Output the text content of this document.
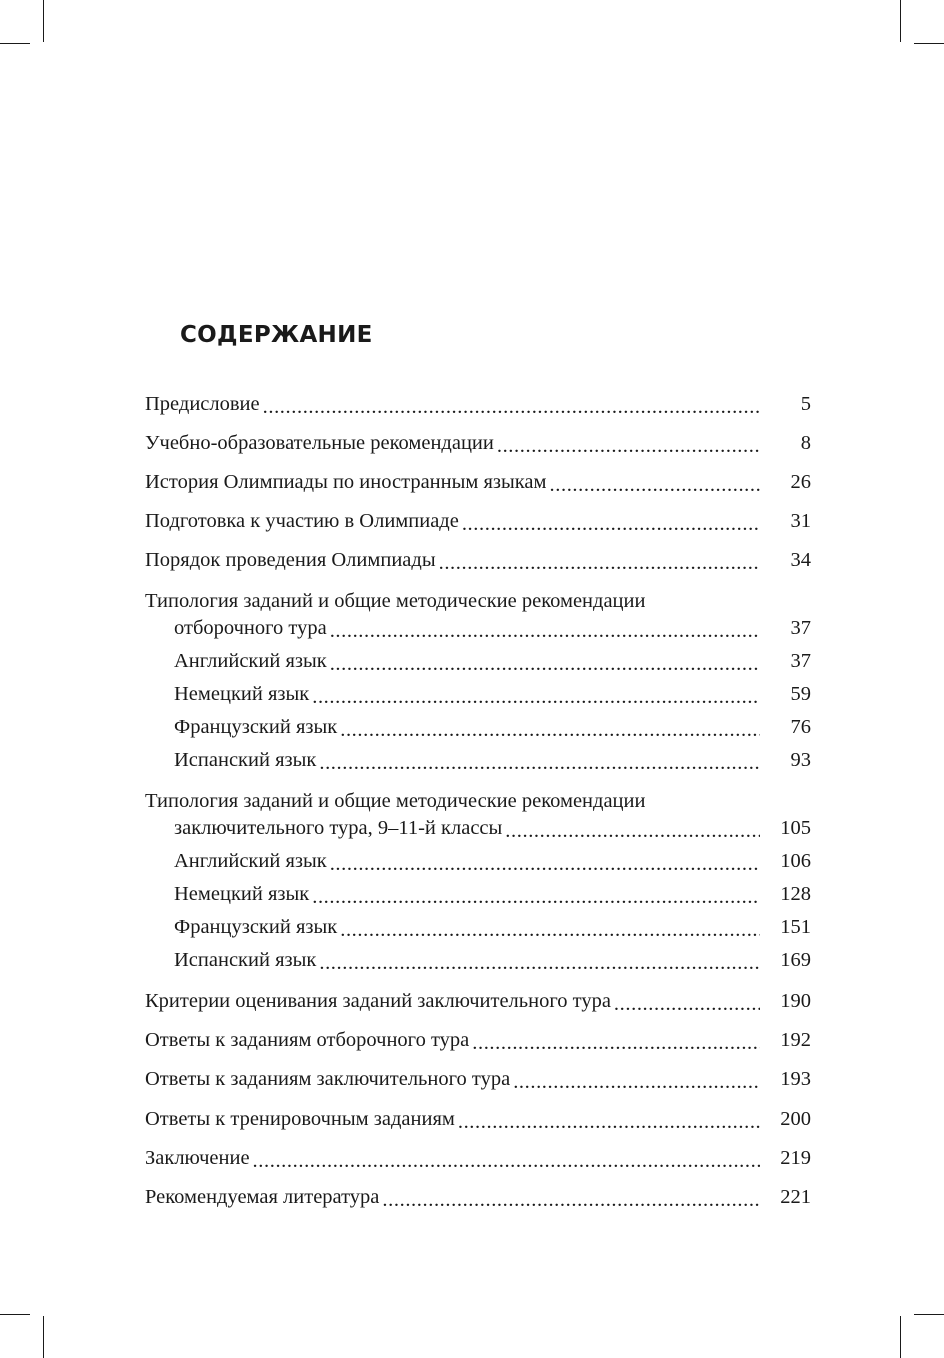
СОДЕРЖАНИЕ
Предисловие .....	5
Учебно-образовательные рекомендации .....	8
История Олимпиады по иностранным языкам .....	26
Подготовка к участию в Олимпиаде .....	31
Порядок проведения Олимпиады .....	34
Типология заданий и общие методические рекомендации
отборочного тура .....	37
Английский язык .....	37
Немецкий язык .....	59
Французский язык .....	76
Испанский язык .....	93
Типология заданий и общие методические рекомендации
заключительного тура, 9–11-й классы .....	105
Английский язык .....	106
Немецкий язык .....	128
Французский язык .....	151
Испанский язык .....	169
Критерии оценивания заданий заключительного тура .....	190
Ответы к заданиям отборочного тура .....	192
Ответы к заданиям заключительного тура .....	193
Ответы к тренировочным заданиям .....	200
Заключение .....	219
Рекомендуемая литература .....	221
